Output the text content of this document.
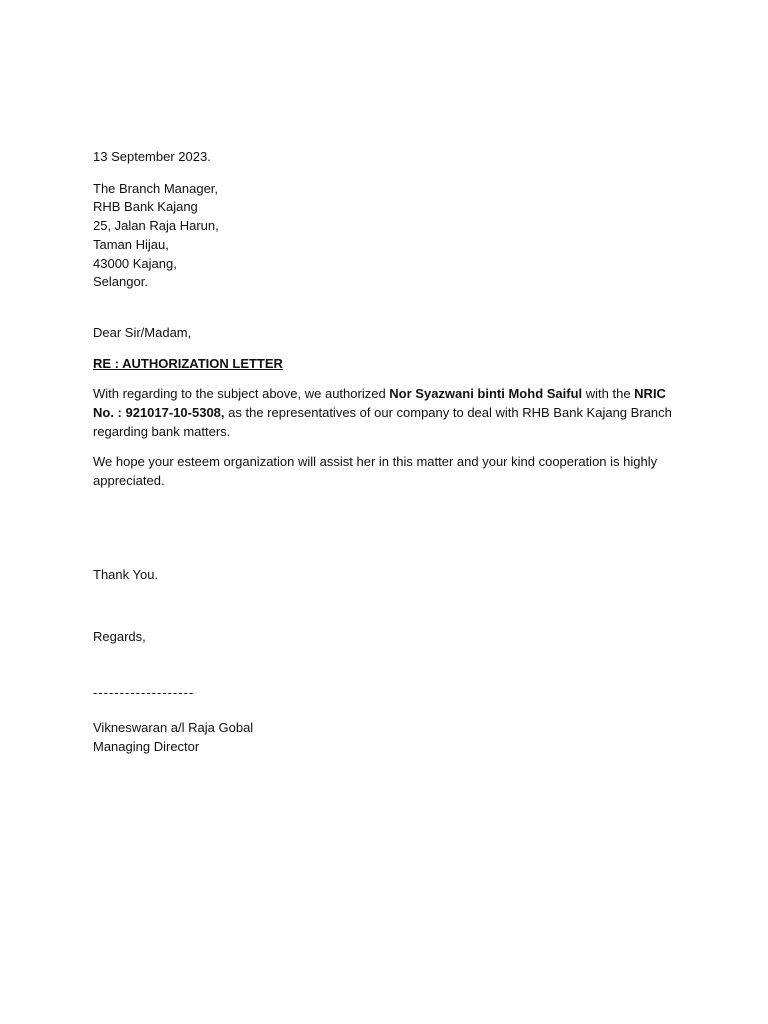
13 September 2023.
The Branch Manager,
RHB Bank Kajang
25, Jalan Raja Harun,
Taman Hijau,
43000 Kajang,
Selangor.
Dear Sir/Madam,
RE : AUTHORIZATION LETTER
With regarding to the subject above, we authorized Nor Syazwani binti Mohd Saiful with the NRIC
No. : 921017-10-5308, as the representatives of our company to deal with RHB Bank Kajang Branch
regarding bank matters.
We hope your esteem organization will assist her in this matter and your kind cooperation is highly
appreciated.
Thank You.
Regards,
-------------------
Vikneswaran a/l Raja Gobal
Managing Director
